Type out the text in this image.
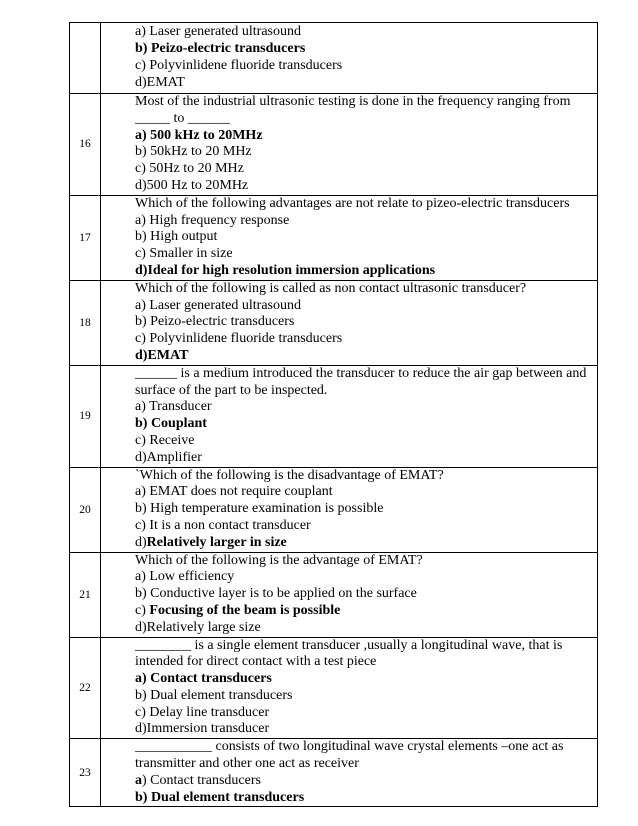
	a) Laser generated ultrasound
b) Peizo-electric transducers
c) Polyvinlidene fluoride transducers
d)EMAT

16	Most of the industrial ultrasonic testing is done in the frequency ranging from _____ to ______
a) 500 kHz to 20MHz
b) 50kHz to 20 MHz
c) 50Hz to 20 MHz
d)500 Hz to 20MHz

17	Which of the following advantages are not relate to pizeo-electric transducers
a) High frequency response
b) High output
c) Smaller in size
d)Ideal for high resolution immersion applications

18	Which of the following is called as non contact ultrasonic transducer?
a) Laser generated ultrasound
b) Peizo-electric transducers
c) Polyvinlidene fluoride transducers
d)EMAT

19	______ is a medium introduced the transducer to reduce the air gap between and surface of the part to be inspected.
a) Transducer
b) Couplant
c) Receive
d)Amplifier

20	`Which of the following is the disadvantage of EMAT?
a) EMAT does not require couplant
b) High temperature examination is possible
c) It is a non contact transducer
d)Relatively larger in size

21	Which of the following is the advantage of EMAT?
a) Low efficiency
b) Conductive layer is to be applied on the surface
c) Focusing of the beam is possible
d)Relatively large size

22	________ is a single element transducer ,usually a longitudinal wave, that is intended for direct contact with a test piece
a) Contact transducers
b) Dual element transducers
c) Delay line transducer
d)Immersion transducer

23	___________ consists of two longitudinal wave crystal elements –one act as transmitter and other one act as receiver
a) Contact transducers
b) Dual element transducers
